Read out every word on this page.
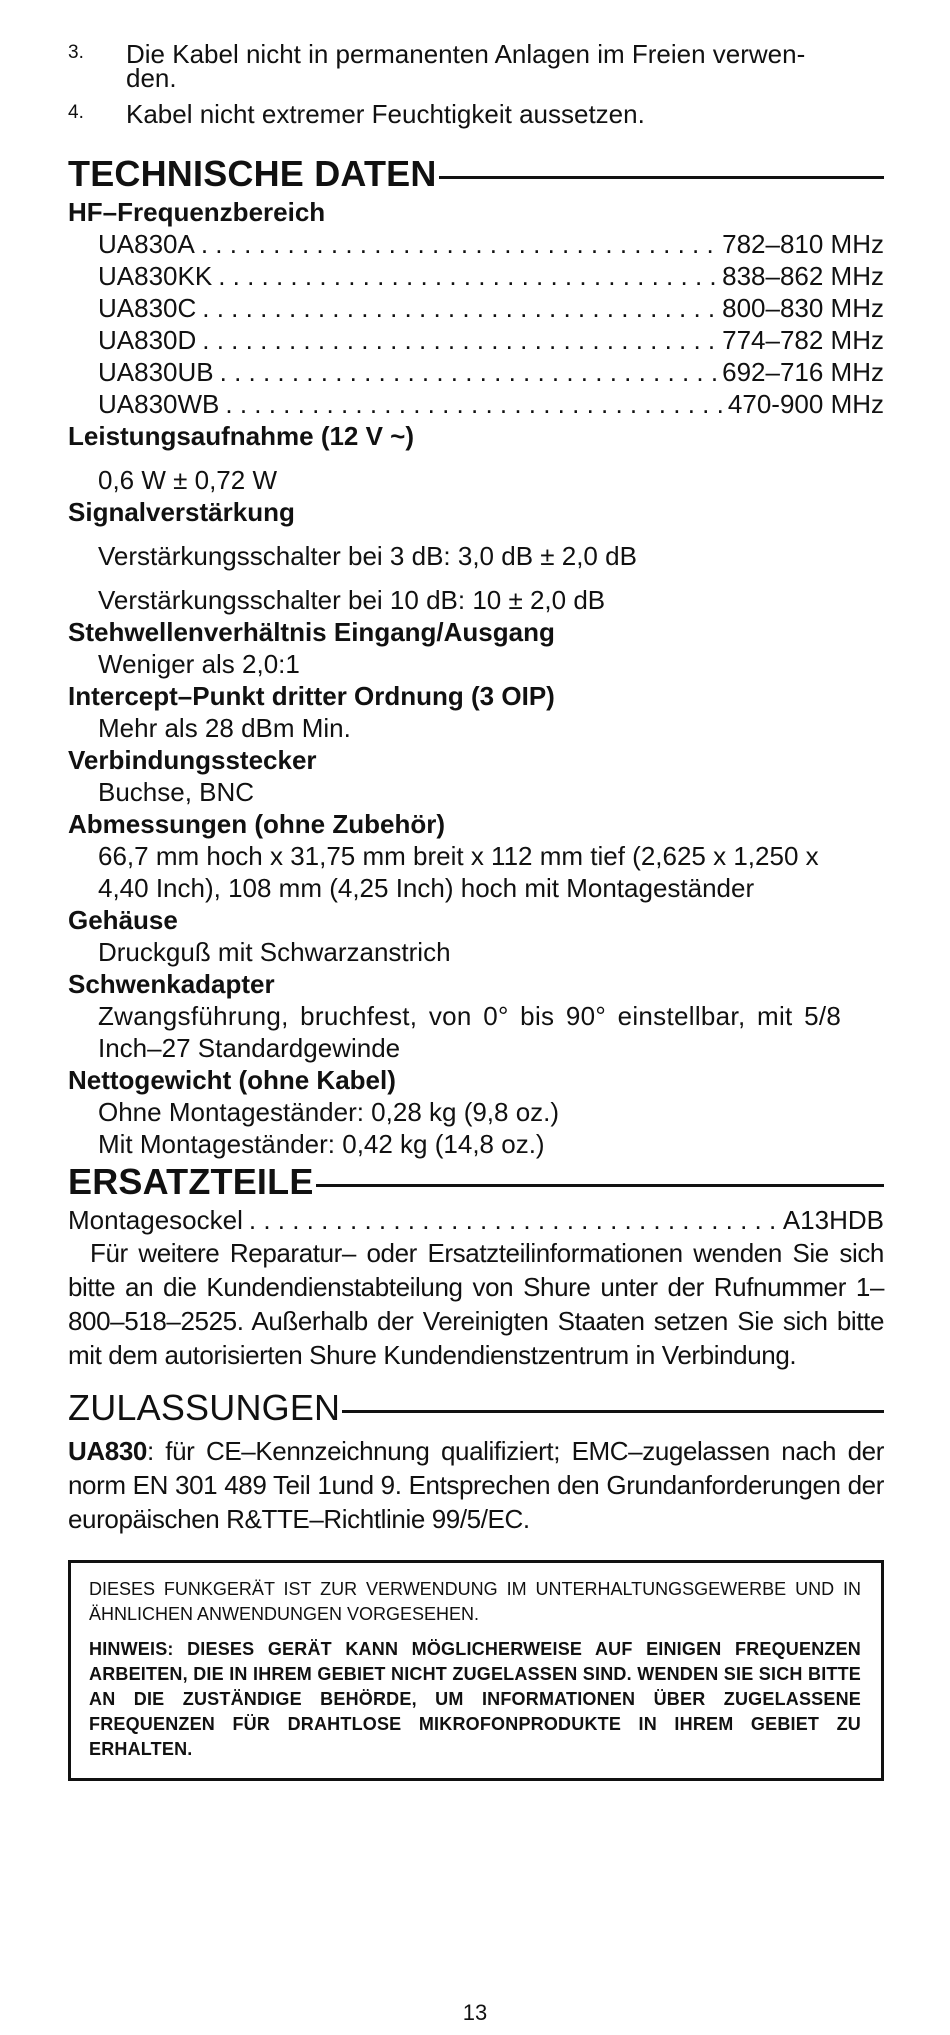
3.	Die Kabel nicht in permanenten Anlagen im Freien verwen-
den.
4.	Kabel nicht extremer Feuchtigkeit aussetzen.
TECHNISCHE DATEN
HF–Frequenzbereich
UA830A . . .	782–810 MHz
UA830KK . . .	838–862 MHz
UA830C . . .	800–830 MHz
UA830D . . .	774–782 MHz
UA830UB . . .	692–716 MHz
UA830WB . . .	470-900 MHz
Leistungsaufnahme (12 V ~)
0,6 W ± 0,72 W
Signalverstärkung
Verstärkungsschalter bei 3 dB: 3,0 dB ± 2,0 dB
Verstärkungsschalter bei 10 dB: 10 ± 2,0 dB
Stehwellenverhältnis Eingang/Ausgang
Weniger als 2,0:1
Intercept–Punkt dritter Ordnung (3 OIP)
Mehr als 28 dBm Min.
Verbindungsstecker
Buchse, BNC
Abmessungen (ohne Zubehör)
66,7 mm hoch x 31,75 mm breit x 112 mm tief (2,625 x 1,250 x
4,40 Inch), 108 mm (4,25 Inch) hoch mit Montageständer
Gehäuse
Druckguß mit Schwarzanstrich
Schwenkadapter
Zwangsführung, bruchfest, von 0° bis 90° einstellbar, mit 5/8
Inch–27 Standardgewinde
Nettogewicht (ohne Kabel)
Ohne Montageständer: 0,28 kg (9,8 oz.)
Mit Montageständer: 0,42 kg (14,8 oz.)
ERSATZTEILE
Montagesockel . . .	A13HDB
Für weitere Reparatur– oder Ersatzteilinformationen wenden Sie sich bitte an die Kundendienstabteilung von Shure unter der Rufnummer 1–800–518–2525. Außerhalb der Vereinigten Staaten setzen Sie sich bitte mit dem autorisierten Shure Kundendienstzentrum in Verbindung.
ZULASSUNGEN
UA830: für CE–Kennzeichnung qualifiziert; EMC–zugelassen nach der norm EN 301 489 Teil 1und 9. Entsprechen den Grundanforderungen der europäischen R&TTE–Richtlinie 99/5/EC.
DIESES FUNKGERÄT IST ZUR VERWENDUNG IM UNTERHALTUNGSGEWERBE UND IN ÄHNLICHEN ANWENDUNGEN VORGESEHEN.
HINWEIS: DIESES GERÄT KANN MÖGLICHERWEISE AUF EINIGEN FREQUENZEN ARBEITEN, DIE IN IHREM GEBIET NICHT ZUGELASSEN SIND. WENDEN SIE SICH BITTE AN DIE ZUSTÄNDIGE BEHÖRDE, UM INFORMATIONEN ÜBER ZUGELASSENE FREQUENZEN FÜR DRAHTLOSE MIKROFONPRODUKTE IN IHREM GEBIET ZU ERHALTEN.
13
